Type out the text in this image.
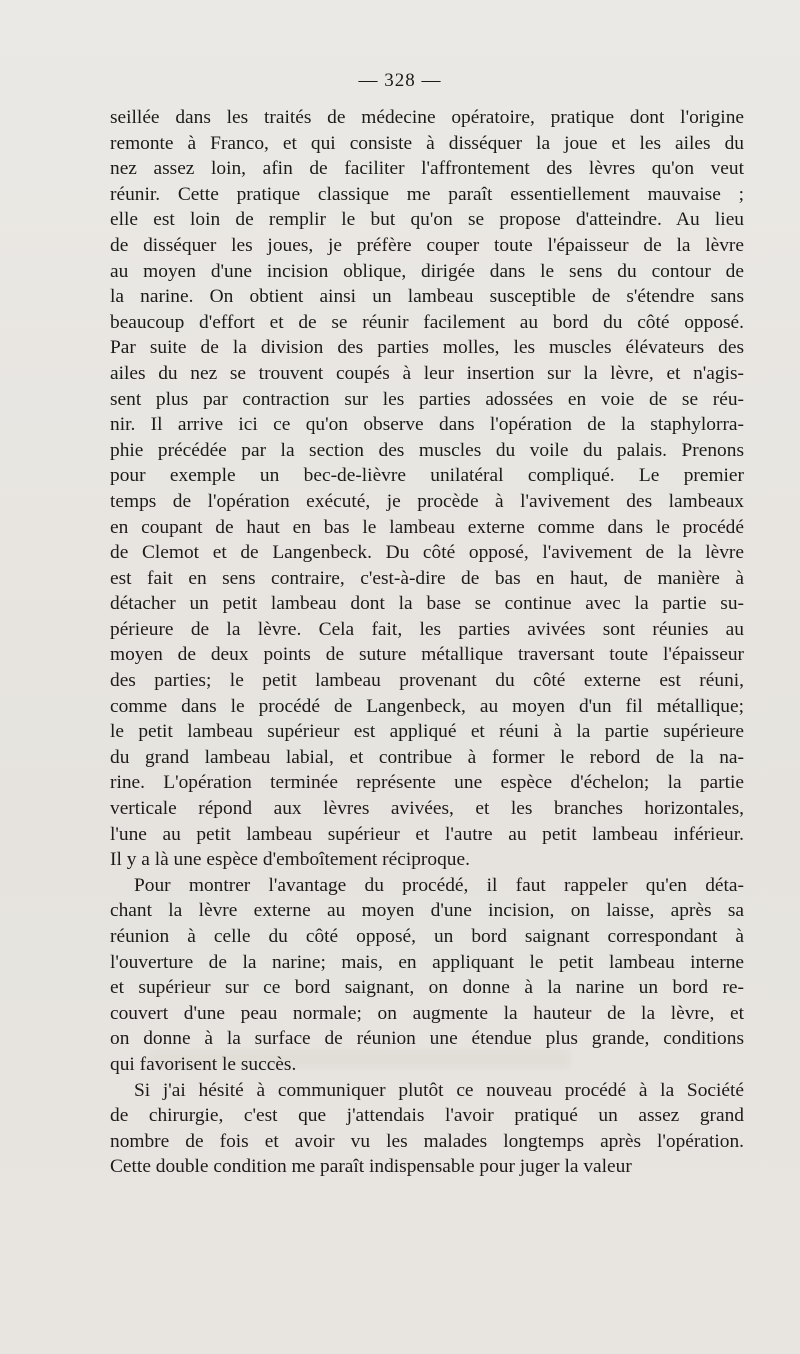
— 328 —
seillée dans les traités de médecine opératoire, pratique dont l'origine
remonte à Franco, et qui consiste à disséquer la joue et les ailes du
nez assez loin, afin de faciliter l'affrontement des lèvres qu'on veut
réunir. Cette pratique classique me paraît essentiellement mauvaise ;
elle est loin de remplir le but qu'on se propose d'atteindre. Au lieu
de disséquer les joues, je préfère couper toute l'épaisseur de la lèvre
au moyen d'une incision oblique, dirigée dans le sens du contour de
la narine. On obtient ainsi un lambeau susceptible de s'étendre sans
beaucoup d'effort et de se réunir facilement au bord du côté opposé.
Par suite de la division des parties molles, les muscles élévateurs des
ailes du nez se trouvent coupés à leur insertion sur la lèvre, et n'agis-
sent plus par contraction sur les parties adossées en voie de se réu-
nir. Il arrive ici ce qu'on observe dans l'opération de la staphylorra-
phie précédée par la section des muscles du voile du palais. Prenons
pour exemple un bec-de-lièvre unilatéral compliqué. Le premier
temps de l'opération exécuté, je procède à l'avivement des lambeaux
en coupant de haut en bas le lambeau externe comme dans le procédé
de Clemot et de Langenbeck. Du côté opposé, l'avivement de la lèvre
est fait en sens contraire, c'est-à-dire de bas en haut, de manière à
détacher un petit lambeau dont la base se continue avec la partie su-
périeure de la lèvre. Cela fait, les parties avivées sont réunies au
moyen de deux points de suture métallique traversant toute l'épaisseur
des parties; le petit lambeau provenant du côté externe est réuni,
comme dans le procédé de Langenbeck, au moyen d'un fil métallique;
le petit lambeau supérieur est appliqué et réuni à la partie supérieure
du grand lambeau labial, et contribue à former le rebord de la na-
rine. L'opération terminée représente une espèce d'échelon; la partie
verticale répond aux lèvres avivées, et les branches horizontales,
l'une au petit lambeau supérieur et l'autre au petit lambeau inférieur.
Il y a là une espèce d'emboîtement réciproque.
Pour montrer l'avantage du procédé, il faut rappeler qu'en déta-
chant la lèvre externe au moyen d'une incision, on laisse, après sa
réunion à celle du côté opposé, un bord saignant correspondant à
l'ouverture de la narine; mais, en appliquant le petit lambeau interne
et supérieur sur ce bord saignant, on donne à la narine un bord re-
couvert d'une peau normale; on augmente la hauteur de la lèvre, et
on donne à la surface de réunion une étendue plus grande, conditions
qui favorisent le succès.
Si j'ai hésité à communiquer plutôt ce nouveau procédé à la Société
de chirurgie, c'est que j'attendais l'avoir pratiqué un assez grand
nombre de fois et avoir vu les malades longtemps après l'opération.
Cette double condition me paraît indispensable pour juger la valeur
